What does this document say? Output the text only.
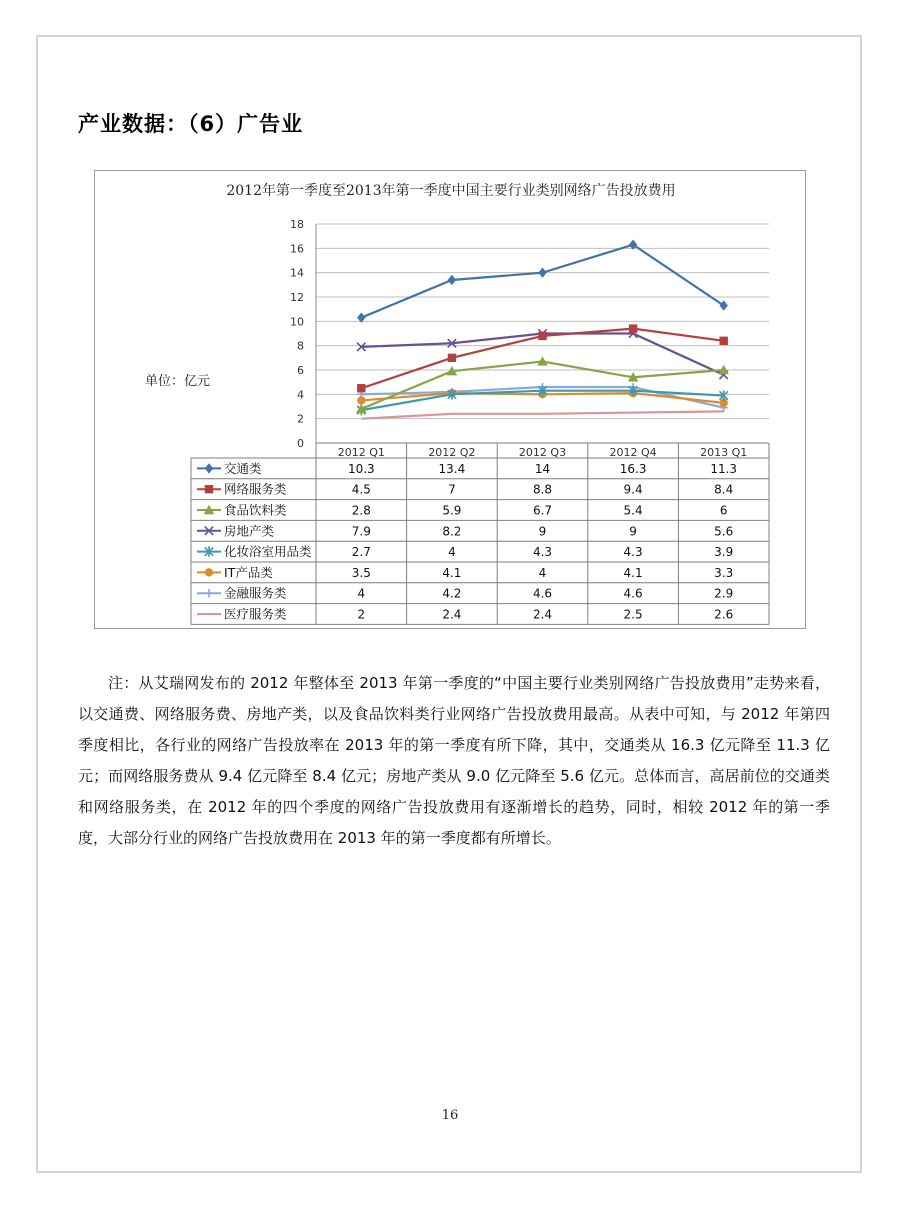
产业数据：（6）广告业
0
2
4
6
8
10
12
14
16
18
2012 Q1	2012 Q2	2012 Q3	2012 Q4	2013 Q1
交通类	10.3	13.4	14	16.3	11.3
网络服务类	4.5	7	8.8	9.4	8.4
食品饮料类	2.8	5.9	6.7	5.4	6
房地产类	7.9	8.2	9	9	5.6
化妆浴室用品类	2.7	4	4.3	4.3	3.9
IT产品类	3.5	4.1	4	4.1	3.3
金融服务类	4	4.2	4.6	4.6	2.9
医疗服务类	2	2.4	2.4	2.5	2.6
2012年第一季度至2013年第一季度中国主要行业类别网络广告投放费用
单位：亿元
注：从艾瑞网发布的 2012 年整体至 2013 年第一季度的“中国主要行业类别网络广告投放费用”走势来看，以交通费、网络服务费、房地产类，以及食品饮料类行业网络广告投放费用最高。从表中可知，与 2012 年第四季度相比，各行业的网络广告投放率在 2013 年的第一季度有所下降，其中，交通类从 16.3 亿元降至 11.3 亿元；而网络服务费从 9.4 亿元降至 8.4 亿元；房地产类从 9.0 亿元降至 5.6 亿元。总体而言，高居前位的交通类和网络服务类，在 2012 年的四个季度的网络广告投放费用有逐渐增长的趋势，同时，相较 2012 年的第一季度，大部分行业的网络广告投放费用在 2013 年的第一季度都有所增长。
16
